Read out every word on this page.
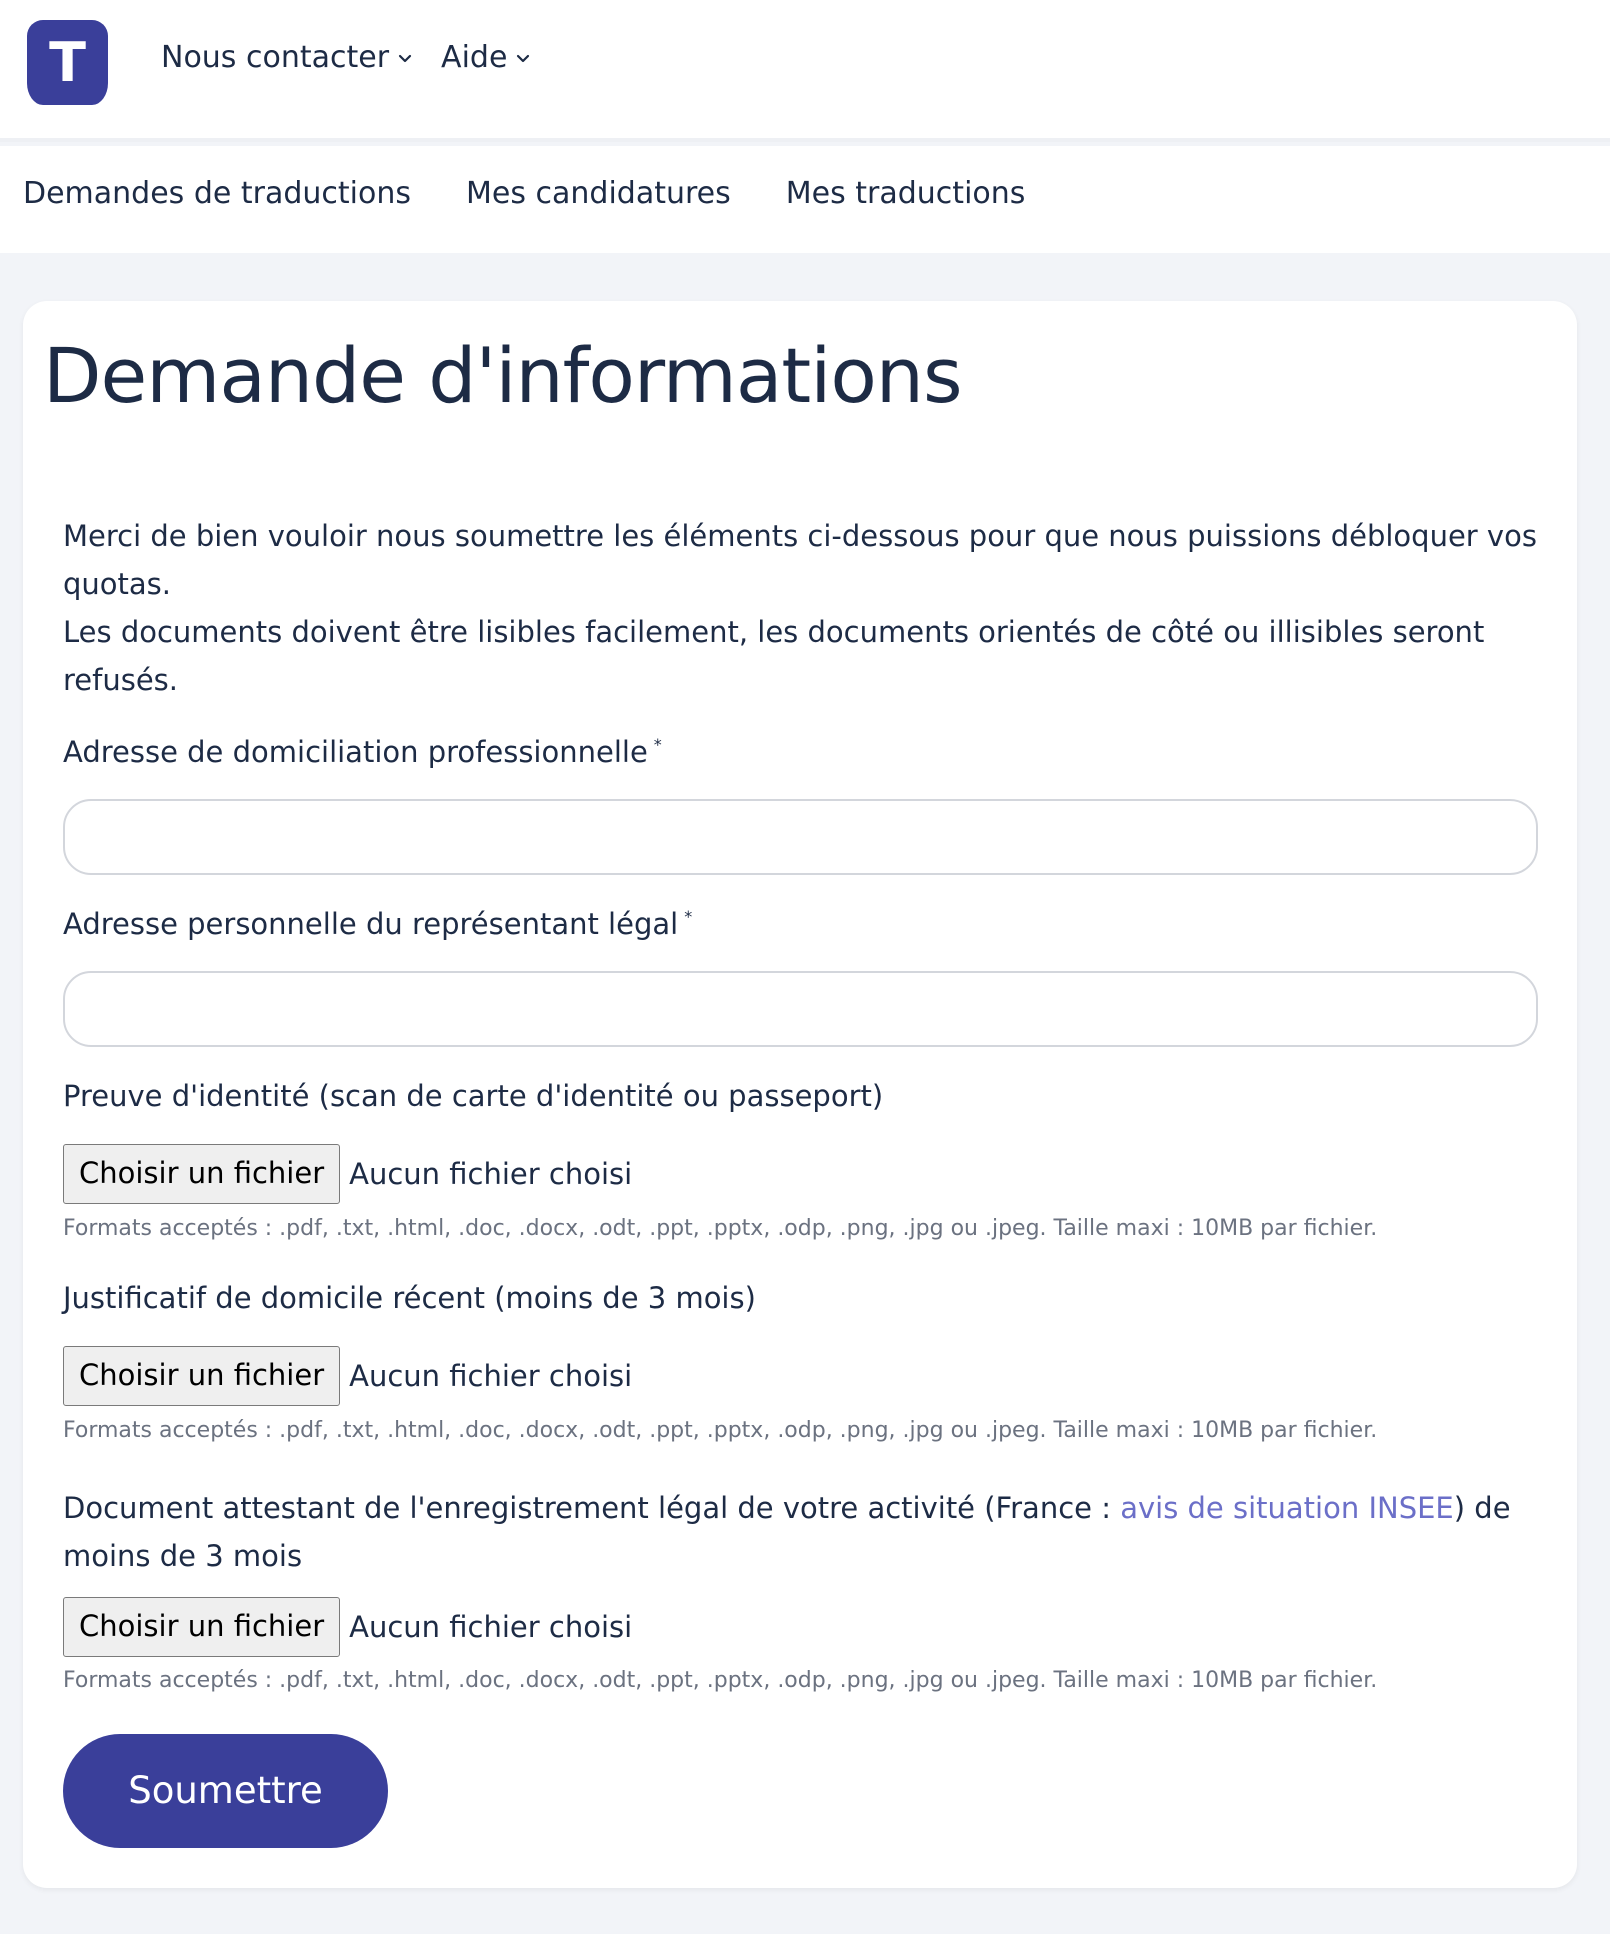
T	Nous contacter Aide
Demandes de traductions Mes candidatures Mes traductions
Demande d'informations
Merci de bien vouloir nous soumettre les éléments ci-dessous pour que nous puissions débloquer vos quotas.
Les documents doivent être lisibles facilement, les documents orientés de côté ou illisibles seront refusés.
Adresse de domiciliation professionnelle *
Adresse personnelle du représentant légal *
Preuve d'identité (scan de carte d'identité ou passeport)
Choisir un fichier Aucun fichier choisi
Formats acceptés : .pdf, .txt, .html, .doc, .docx, .odt, .ppt, .pptx, .odp, .png, .jpg ou .jpeg. Taille maxi : 10MB par fichier.
Justificatif de domicile récent (moins de 3 mois)
Choisir un fichier Aucun fichier choisi
Formats acceptés : .pdf, .txt, .html, .doc, .docx, .odt, .ppt, .pptx, .odp, .png, .jpg ou .jpeg. Taille maxi : 10MB par fichier.
Document attestant de l'enregistrement légal de votre activité (France : avis de situation INSEE) de moins de 3 mois
Choisir un fichier Aucun fichier choisi
Formats acceptés : .pdf, .txt, .html, .doc, .docx, .odt, .ppt, .pptx, .odp, .png, .jpg ou .jpeg. Taille maxi : 10MB par fichier.
Soumettre
